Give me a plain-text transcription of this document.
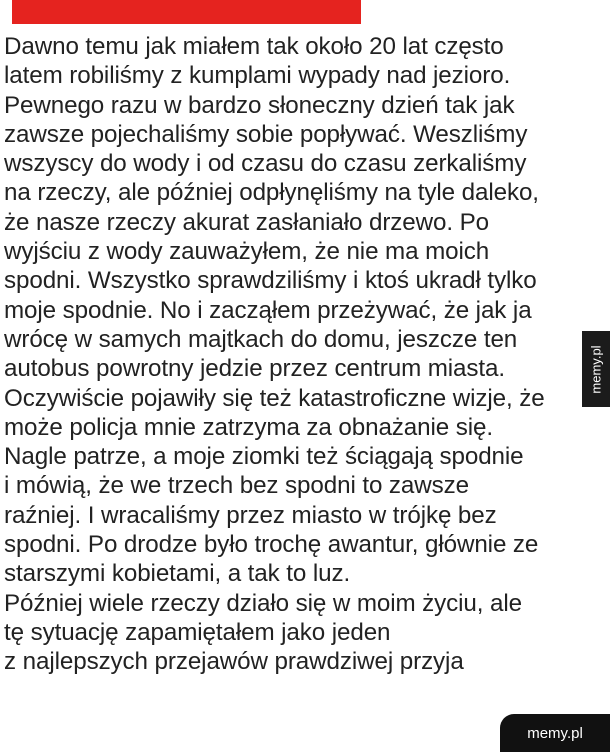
Dawno temu jak miałem tak około 20 lat często
latem robiliśmy z kumplami wypady nad jezioro.
Pewnego razu w bardzo słoneczny dzień tak jak
zawsze pojechaliśmy sobie popływać. Weszliśmy
wszyscy do wody i od czasu do czasu zerkaliśmy
na rzeczy, ale później odpłynęliśmy na tyle daleko,
że nasze rzeczy akurat zasłaniało drzewo. Po
wyjściu z wody zauważyłem, że nie ma moich
spodni. Wszystko sprawdziliśmy i ktoś ukradł tylko
moje spodnie. No i zacząłem przeżywać, że jak ja
wrócę w samych majtkach do domu, jeszcze ten
autobus powrotny jedzie przez centrum miasta.
Oczywiście pojawiły się też katastroficzne wizje, że
może policja mnie zatrzyma za obnażanie się.
Nagle patrze, a moje ziomki też ściągają spodnie
i mówią, że we trzech bez spodni to zawsze
raźniej. I wracaliśmy przez miasto w trójkę bez
spodni. Po drodze było trochę awantur, głównie ze
starszymi kobietami, a tak to luz.
Później wiele rzeczy działo się w moim życiu, ale
tę sytuację zapamiętałem jako jeden
z najlepszych przejawów prawdziwej przyja
memy.pl
memy.pl
